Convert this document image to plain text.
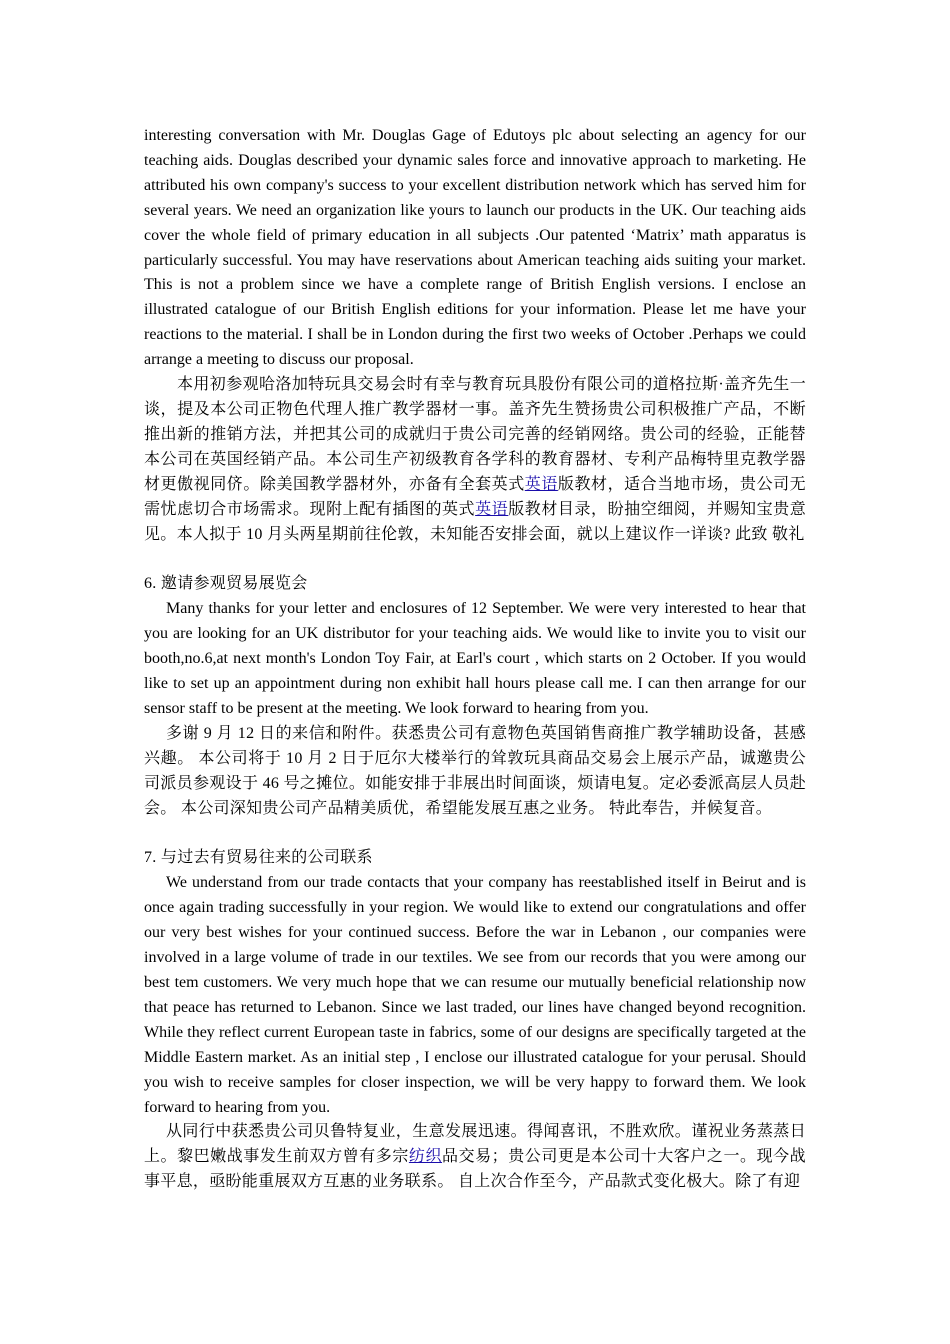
interesting conversation with Mr. Douglas Gage of Edutoys plc about selecting an agency for our teaching aids. Douglas described your dynamic sales force and innovative approach to marketing. He attributed his own company's success to your excellent distribution network which has served him for several years. We need an organization like yours to launch our products in the UK. Our teaching aids cover the whole field of primary education in all subjects .Our patented ‘Matrix’ math apparatus is particularly successful. You may have reservations about American teaching aids suiting your market. This is not a problem since we have a complete range of British English versions. I enclose an illustrated catalogue of our British English editions for your information. Please let me have your reactions to the material. I shall be in London during the first two weeks of October .Perhaps we could arrange a meeting to discuss our proposal.

本用初参观哈洛加特玩具交易会时有幸与教育玩具股份有限公司的道格拉斯·盖齐先生一谈，提及本公司正物色代理人推广教学器材一事。盖齐先生赞扬贵公司积极推广产品，不断推出新的推销方法，并把其公司的成就归于贵公司完善的经销网络。贵公司的经验，正能替本公司在英国经销产品。本公司生产初级教育各学科的教育器材、专利产品梅特里克教学器材更傲视同侪。除美国教学器材外，亦备有全套英式英语版教材，适合当地市场，贵公司无需忧虑切合市场需求。现附上配有插图的英式英语版教材目录，盼抽空细阅，并赐知宝贵意见。本人拟于 10 月头两星期前往伦敦，未知能否安排会面，就以上建议作一详谈? 此致 敬礼

6. 邀请参观贸易展览会

Many thanks for your letter and enclosures of 12 September. We were very interested to hear that you are looking for an UK distributor for your teaching aids. We would like to invite you to visit our booth,no.6,at next month's London Toy Fair, at Earl's court , which starts on 2 October. If you would like to set up an appointment during non exhibit hall hours please call me. I can then arrange for our sensor staff to be present at the meeting. We look forward to hearing from you.

多谢 9 月 12 日的来信和附件。获悉贵公司有意物色英国销售商推广教学辅助设备，甚感兴趣。 本公司将于 10 月 2 日于厄尔大楼举行的耸敦玩具商品交易会上展示产品，诚邀贵公司派员参观设于 46 号之摊位。如能安排于非展出时间面谈，烦请电复。定必委派高层人员赴会。 本公司深知贵公司产品精美质优，希望能发展互惠之业务。 特此奉告，并候复音。

7. 与过去有贸易往来的公司联系

We understand from our trade contacts that your company has reestablished itself in Beirut and is once again trading successfully in your region. We would like to extend our congratulations and offer our very best wishes for your continued success. Before the war in Lebanon , our companies were involved in a large volume of trade in our textiles. We see from our records that you were among our best tem customers. We very much hope that we can resume our mutually beneficial relationship now that peace has returned to Lebanon. Since we last traded, our lines have changed beyond recognition. While they reflect current European taste in fabrics, some of our designs are specifically targeted at the Middle Eastern market. As an initial step , I enclose our illustrated catalogue for your perusal. Should you wish to receive samples for closer inspection, we will be very happy to forward them. We look forward to hearing from you.

从同行中获悉贵公司贝鲁特复业，生意发展迅速。得闻喜讯，不胜欢欣。谨祝业务蒸蒸日上。黎巴嫩战事发生前双方曾有多宗纺织品交易；贵公司更是本公司十大客户之一。现今战事平息，亟盼能重展双方互惠的业务联系。 自上次合作至今，产品款式变化极大。除了有迎
